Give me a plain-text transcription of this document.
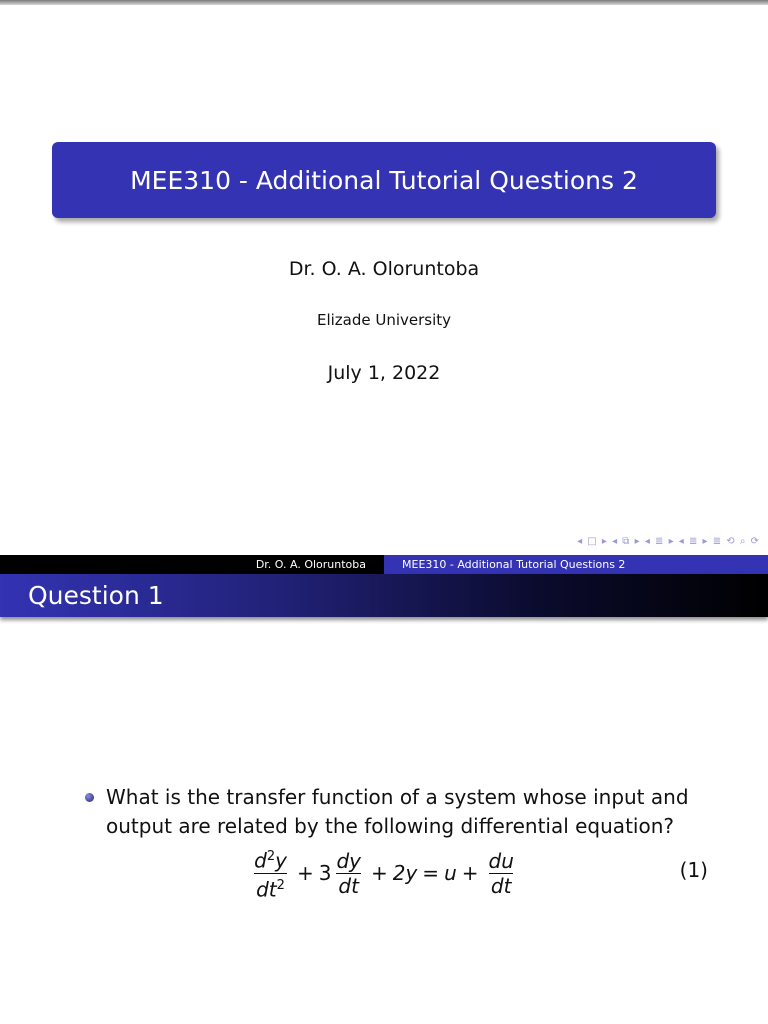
MEE310 - Additional Tutorial Questions 2
Dr. O. A. Oloruntoba
Elizade University
July 1, 2022
◂ □ ▸ ◂ ⧉ ▸ ◂ ≣ ▸ ◂ ≣ ▸ ≣ ⟲ ⌕ ⟳
Dr. O. A. Oloruntoba	MEE310 - Additional Tutorial Questions 2
Question 1
What is the transfer function of a system whose input and output are related by the following differential equation?
$\frac{d^2y}{dt^2} + 3 \frac{dy}{dt} + 2y = u + \frac{du}{dt}$	(1)
